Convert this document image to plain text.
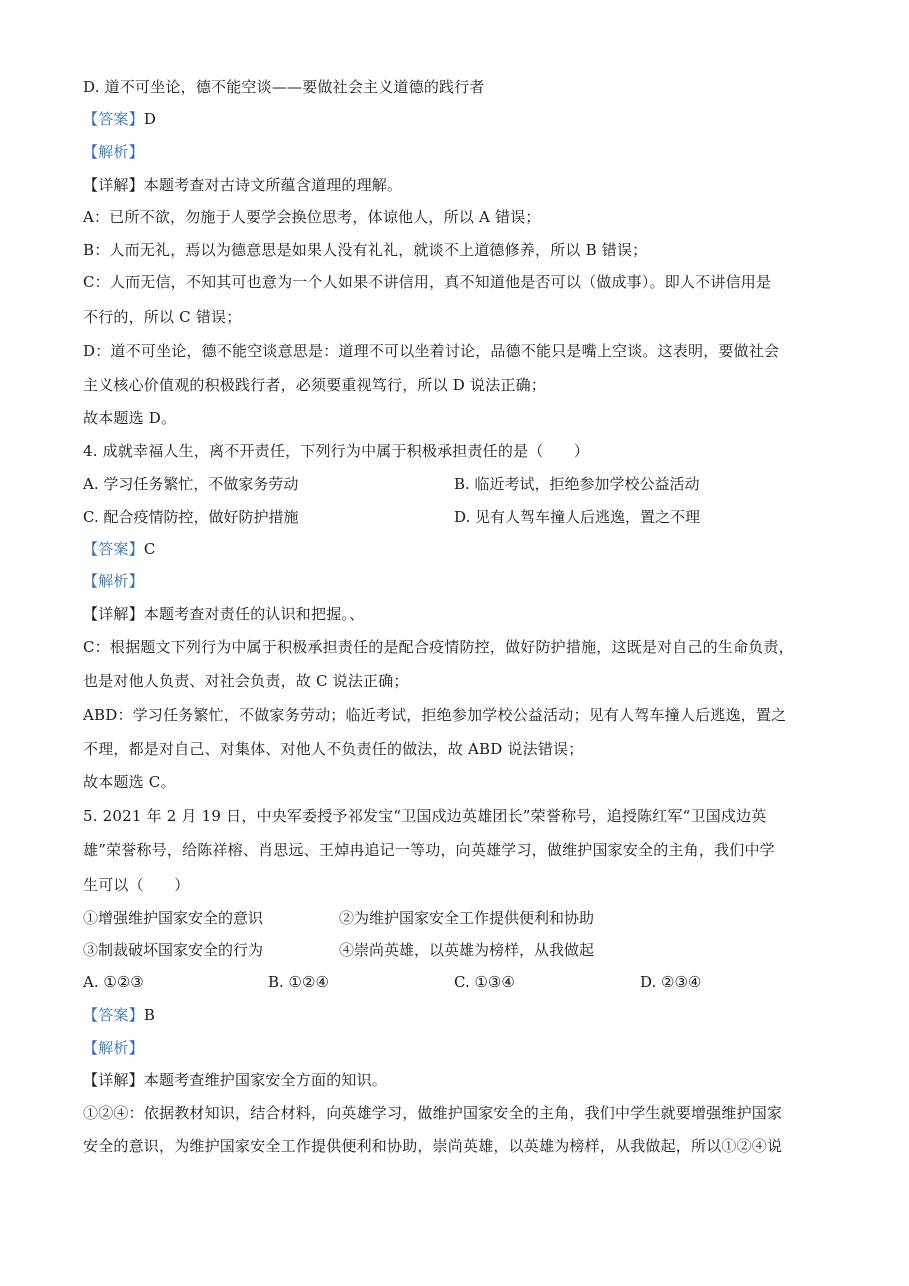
D. 道不可坐论，德不能空谈——要做社会主义道德的践行者
【答案】D
【解析】
【详解】本题考查对古诗文所蕴含道理的理解。
A：已所不欲，勿施于人要学会换位思考，体谅他人，所以 A 错误；
B：人而无礼，焉以为德意思是如果人没有礼礼，就谈不上道德修养，所以 B 错误；
C：人而无信，不知其可也意为一个人如果不讲信用，真不知道他是否可以（做成事）。即人不讲信用是
不行的，所以 C 错误；
D：道不可坐论，德不能空谈意思是：道理不可以坐着讨论，品德不能只是嘴上空谈。这表明，要做社会
主义核心价值观的积极践行者，必须要重视笃行，所以 D 说法正确；
故本题选 D。
4. 成就幸福人生，离不开责任，下列行为中属于积极承担责任的是（　　）
A. 学习任务繁忙，不做家务劳动	B. 临近考试，拒绝参加学校公益活动
C. 配合疫情防控，做好防护措施	D. 见有人驾车撞人后逃逸，置之不理
【答案】C
【解析】
【详解】本题考查对责任的认识和把握。、
C：根据题文下列行为中属于积极承担责任的是配合疫情防控，做好防护措施，这既是对自己的生命负责，
也是对他人负责、对社会负责，故 C 说法正确；
ABD：学习任务繁忙，不做家务劳动；临近考试，拒绝参加学校公益活动；见有人驾车撞人后逃逸，置之
不理，都是对自己、对集体、对他人不负责任的做法，故 ABD 说法错误；
故本题选 C。
5. 2021 年 2 月 19 日，中央军委授予祁发宝“卫国戍边英雄团长”荣誉称号，追授陈红军“卫国戍边英
雄”荣誉称号，给陈祥榕、肖思远、王焯冉追记一等功，向英雄学习，做维护国家安全的主角，我们中学
生可以（　　）
①增强维护国家安全的意识	②为维护国家安全工作提供便利和协助
③制裁破坏国家安全的行为	④崇尚英雄，以英雄为榜样，从我做起
A. ①②③	B. ①②④	C. ①③④	D. ②③④
【答案】B
【解析】
【详解】本题考查维护国家安全方面的知识。
①②④：依据教材知识，结合材料，向英雄学习，做维护国家安全的主角，我们中学生就要增强维护国家
安全的意识，为维护国家安全工作提供便利和协助，崇尚英雄，以英雄为榜样，从我做起，所以①②④说
